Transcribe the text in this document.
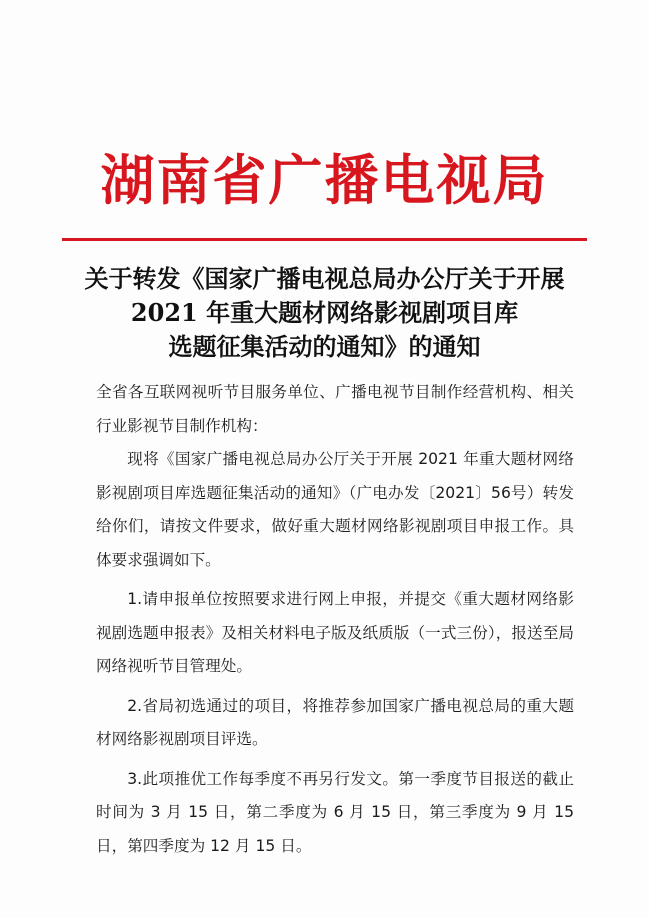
湖南省广播电视局
关于转发《国家广播电视总局办公厅关于开展
2021 年重大题材网络影视剧项目库
选题征集活动的通知》的通知

全省各互联网视听节目服务单位、广播电视节目制作经营机构、相关行业影视节目制作机构：

现将《国家广播电视总局办公厅关于开展 2021 年重大题材网络影视剧项目库选题征集活动的通知》（广电办发〔2021〕56号）转发给你们，请按文件要求，做好重大题材网络影视剧项目申报工作。具体要求强调如下。

1.请申报单位按照要求进行网上申报，并提交《重大题材网络影视剧选题申报表》及相关材料电子版及纸质版（一式三份），报送至局网络视听节目管理处。

2.省局初选通过的项目，将推荐参加国家广播电视总局的重大题材网络影视剧项目评选。

3.此项推优工作每季度不再另行发文。第一季度节目报送的截止时间为 3 月 15 日，第二季度为 6 月 15 日，第三季度为 9 月 15 日，第四季度为 12 月 15 日。
